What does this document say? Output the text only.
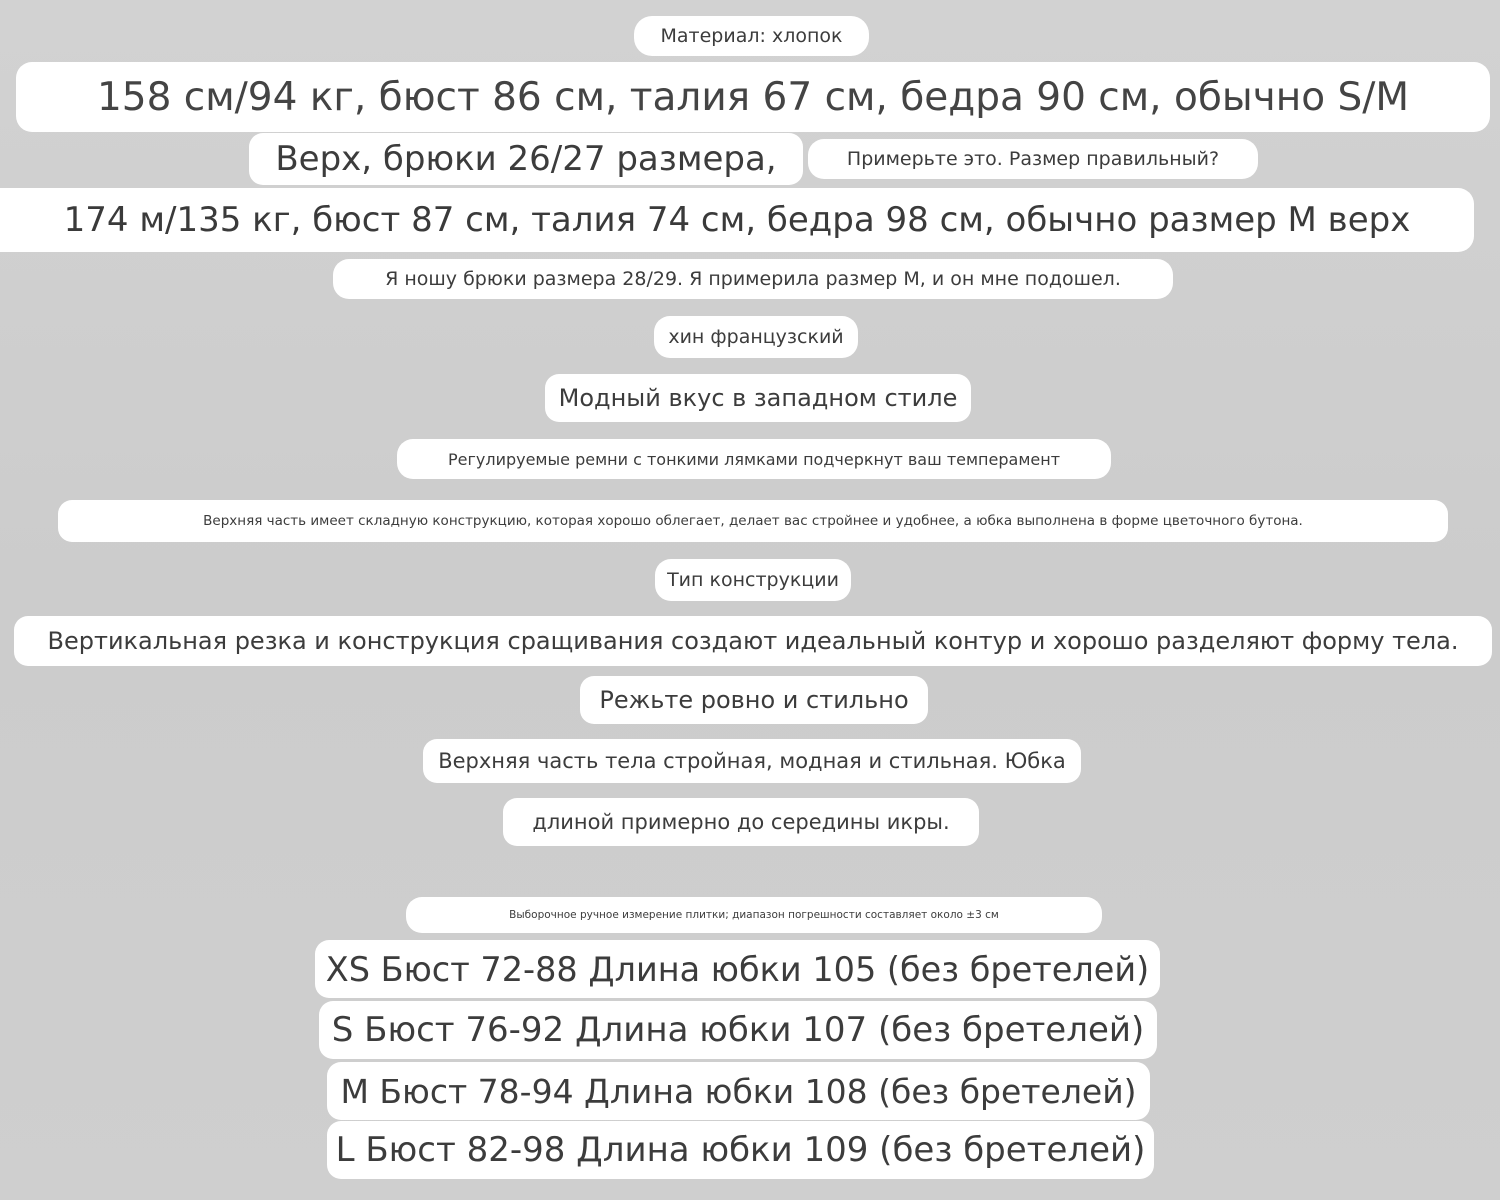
Материал: хлопок
158 см/94 кг, бюст 86 см, талия 67 см, бедра 90 см, обычно S/M
Верх, брюки 26/27 размера,	Примерьте это. Размер правильный?
174 м/135 кг, бюст 87 см, талия 74 см, бедра 98 см, обычно размер М верх
Я ношу брюки размера 28/29. Я примерила размер M, и он мне подошел.
хин французский
Модный вкус в западном стиле
Регулируемые ремни с тонкими лямками подчеркнут ваш темперамент
Верхняя часть имеет складную конструкцию, которая хорошо облегает, делает вас стройнее и удобнее, а юбка выполнена в форме цветочного бутона.
Тип конструкции
Вертикальная резка и конструкция сращивания создают идеальный контур и хорошо разделяют форму тела.
Режьте ровно и стильно
Верхняя часть тела стройная, модная и стильная. Юбка
длиной примерно до середины икры.
Выборочное ручное измерение плитки; диапазон погрешности составляет около ±3 см
XS Бюст 72-88 Длина юбки 105 (без бретелей)
S Бюст 76-92 Длина юбки 107 (без бретелей)
M Бюст 78-94 Длина юбки 108 (без бретелей)
L Бюст 82-98 Длина юбки 109 (без бретелей)
